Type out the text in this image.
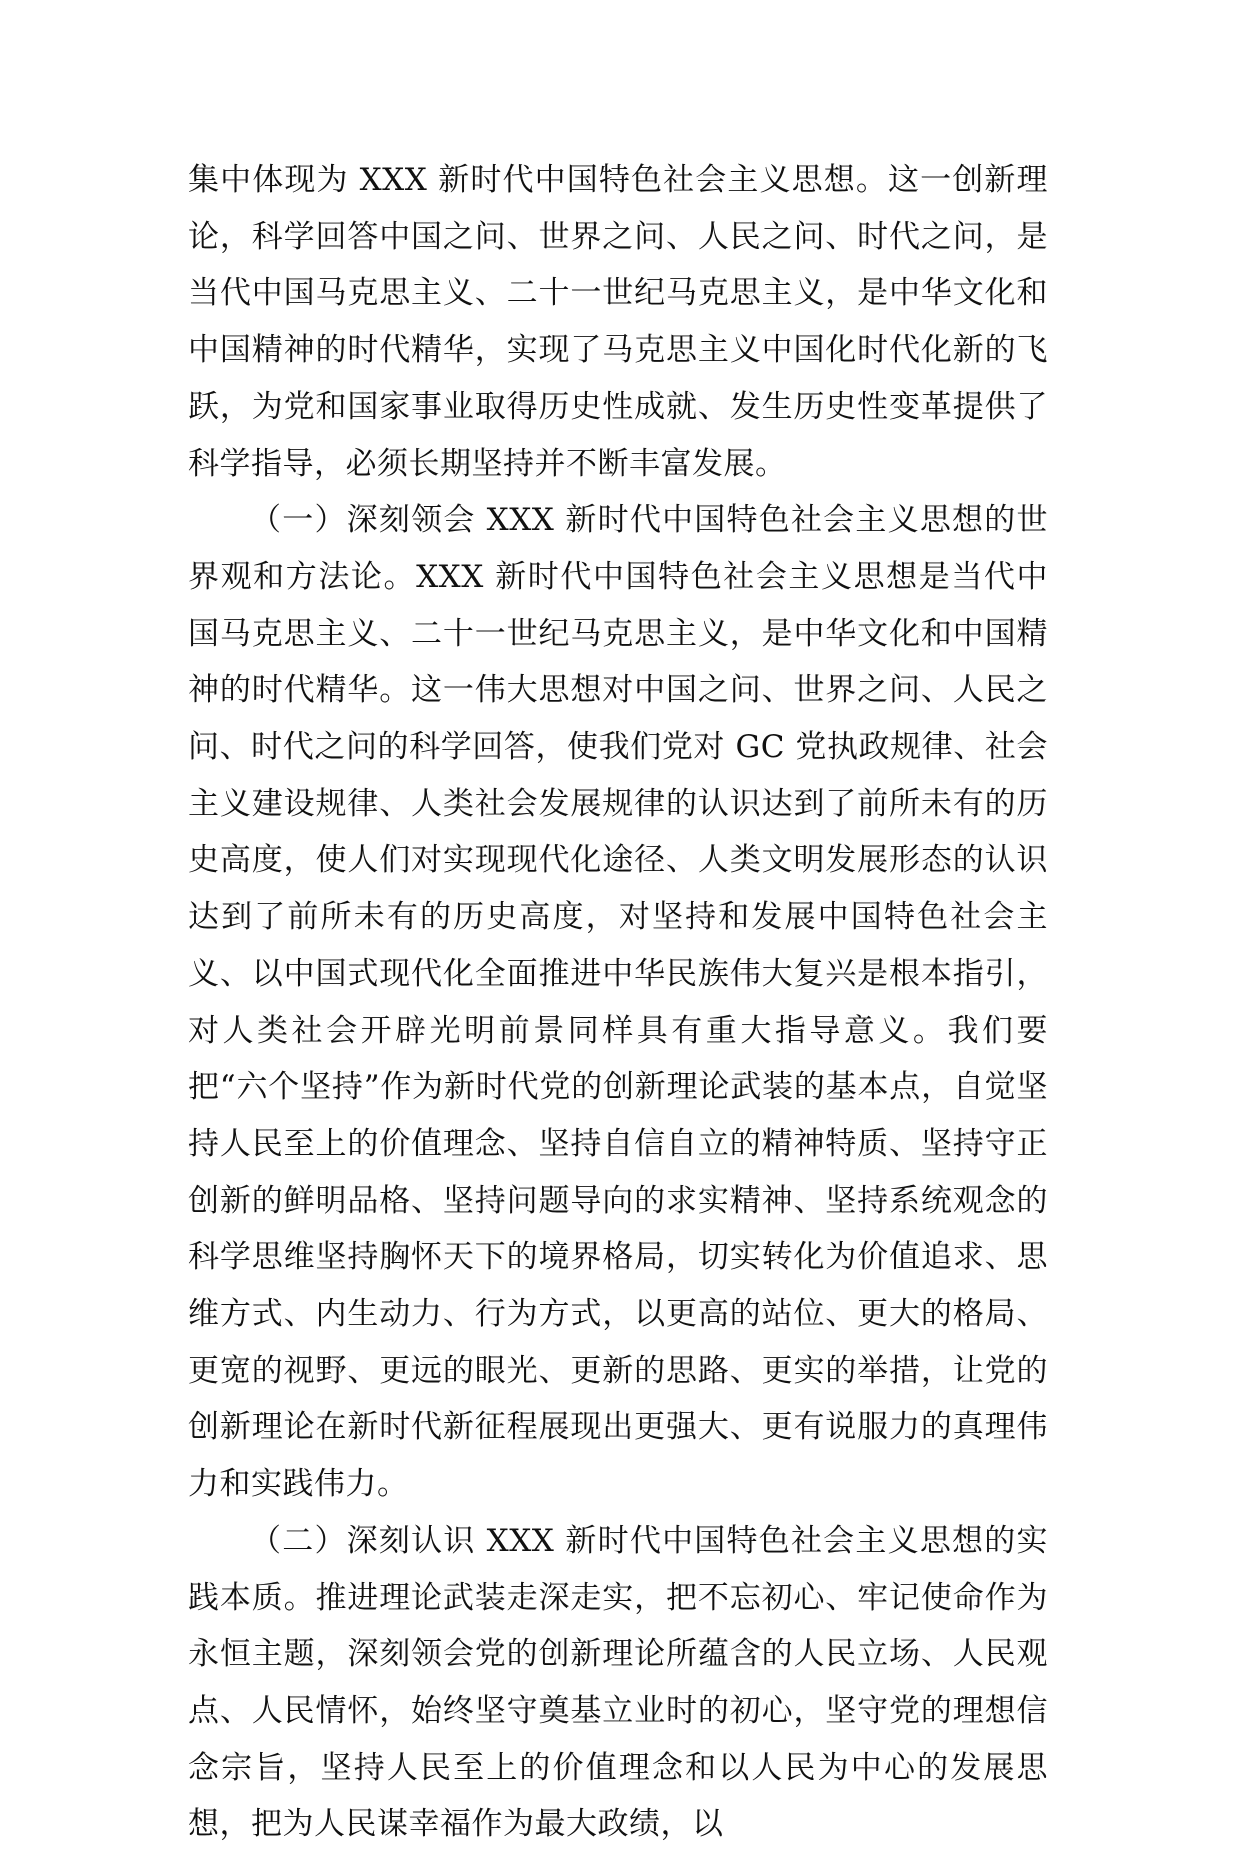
集中体现为 XXX 新时代中国特色社会主义思想。这一创新理论，科学回答中国之问、世界之问、人民之问、时代之问，是当代中国马克思主义、二十一世纪马克思主义，是中华文化和中国精神的时代精华，实现了马克思主义中国化时代化新的飞跃，为党和国家事业取得历史性成就、发生历史性变革提供了科学指导，必须长期坚持并不断丰富发展。

（一）深刻领会 XXX 新时代中国特色社会主义思想的世界观和方法论。XXX 新时代中国特色社会主义思想是当代中国马克思主义、二十一世纪马克思主义，是中华文化和中国精神的时代精华。这一伟大思想对中国之问、世界之问、人民之问、时代之问的科学回答，使我们党对 GC 党执政规律、社会主义建设规律、人类社会发展规律的认识达到了前所未有的历史高度，使人们对实现现代化途径、人类文明发展形态的认识达到了前所未有的历史高度，对坚持和发展中国特色社会主义、以中国式现代化全面推进中华民族伟大复兴是根本指引，对人类社会开辟光明前景同样具有重大指导意义。我们要把“六个坚持”作为新时代党的创新理论武装的基本点，自觉坚持人民至上的价值理念、坚持自信自立的精神特质、坚持守正创新的鲜明品格、坚持问题导向的求实精神、坚持系统观念的科学思维坚持胸怀天下的境界格局，切实转化为价值追求、思维方式、内生动力、行为方式，以更高的站位、更大的格局、更宽的视野、更远的眼光、更新的思路、更实的举措，让党的创新理论在新时代新征程展现出更强大、更有说服力的真理伟力和实践伟力。

（二）深刻认识 XXX 新时代中国特色社会主义思想的实践本质。推进理论武装走深走实，把不忘初心、牢记使命作为永恒主题，深刻领会党的创新理论所蕴含的人民立场、人民观点、人民情怀，始终坚守奠基立业时的初心，坚守党的理想信念宗旨，坚持人民至上的价值理念和以人民为中心的发展思想，把为人民谋幸福作为最大政绩，以
